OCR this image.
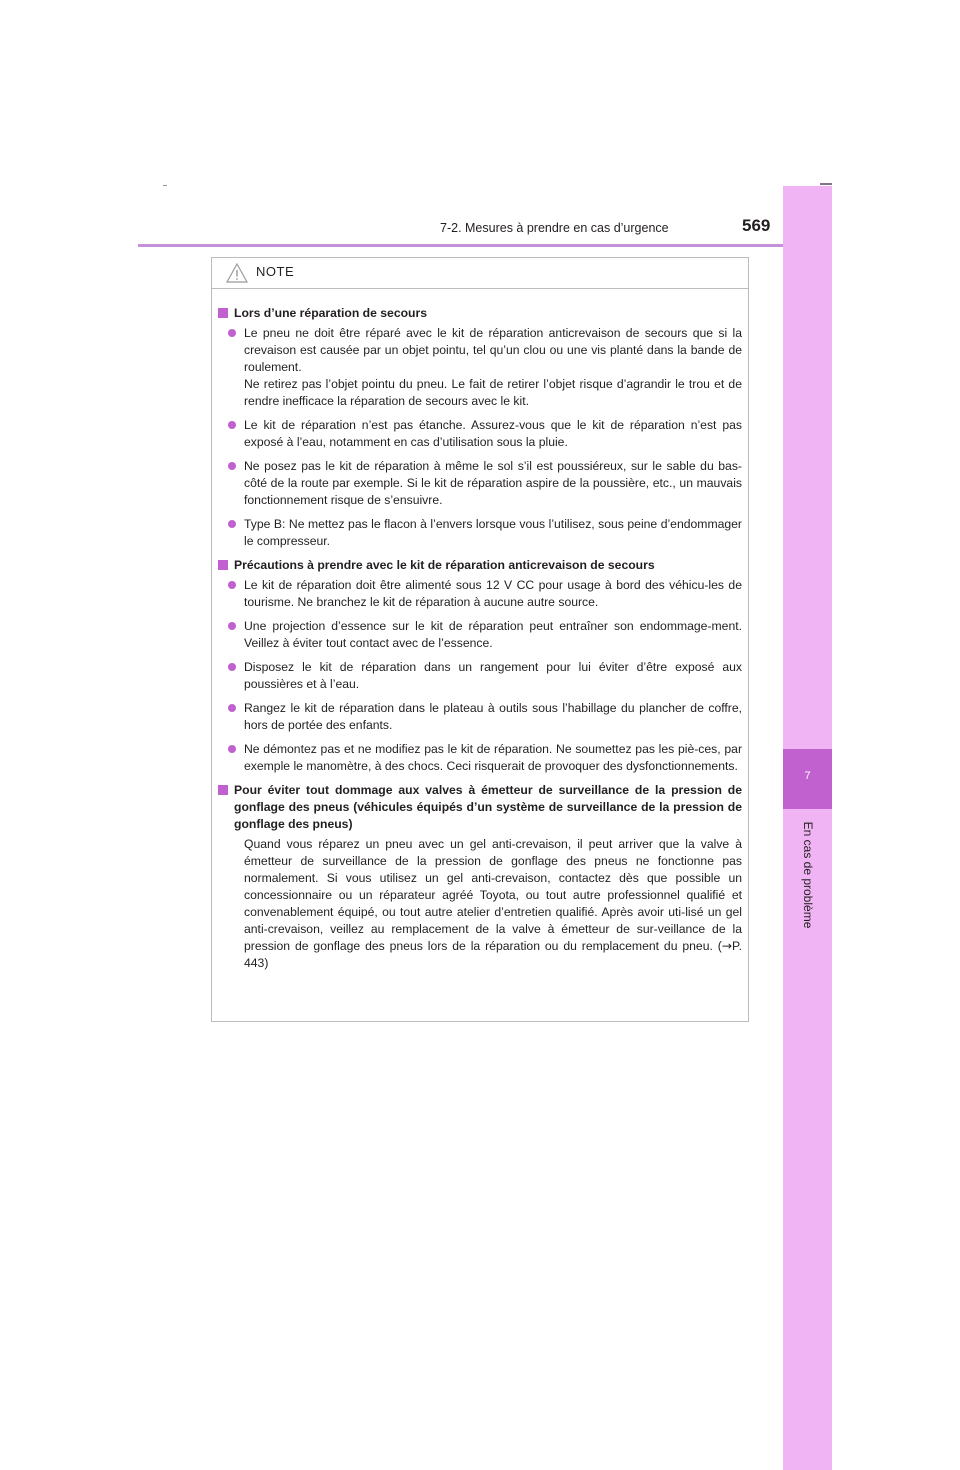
7-2. Mesures à prendre en cas d’urgence	569
7
En cas de problème
NOTE
Lors d’une réparation de secours

Le pneu ne doit être réparé avec le kit de réparation anticrevaison de secours que si la crevaison est causée par un objet pointu, tel qu’un clou ou une vis planté dans la bande de roulement.

Ne retirez pas l’objet pointu du pneu. Le fait de retirer l’objet risque d’agrandir le trou et de rendre inefficace la réparation de secours avec le kit.

Le kit de réparation n’est pas étanche. Assurez-vous que le kit de réparation n’est pas exposé à l’eau, notamment en cas d’utilisation sous la pluie.

Ne posez pas le kit de réparation à même le sol s’il est poussiéreux, sur le sable du bas-côté de la route par exemple. Si le kit de réparation aspire de la poussière, etc., un mauvais fonctionnement risque de s’ensuivre.

Type B: Ne mettez pas le flacon à l’envers lorsque vous l’utilisez, sous peine d’endommager le compresseur.

Précautions à prendre avec le kit de réparation anticrevaison de secours

Le kit de réparation doit être alimenté sous 12 V CC pour usage à bord des véhicu-les de tourisme. Ne branchez le kit de réparation à aucune autre source.

Une projection d’essence sur le kit de réparation peut entraîner son endommage-ment. Veillez à éviter tout contact avec de l’essence.

Disposez le kit de réparation dans un rangement pour lui éviter d’être exposé aux poussières et à l’eau.

Rangez le kit de réparation dans le plateau à outils sous l’habillage du plancher de coffre, hors de portée des enfants.

Ne démontez pas et ne modifiez pas le kit de réparation. Ne soumettez pas les piè-ces, par exemple le manomètre, à des chocs. Ceci risquerait de provoquer des dysfonctionnements.

Pour éviter tout dommage aux valves à émetteur de surveillance de la pression de gonflage des pneus (véhicules équipés d’un système de surveillance de la pression de gonflage des pneus)
Quand vous réparez un pneu avec un gel anti-crevaison, il peut arriver que la valve à émetteur de surveillance de la pression de gonflage des pneus ne fonctionne pas normalement. Si vous utilisez un gel anti-crevaison, contactez dès que possible un concessionnaire ou un réparateur agréé Toyota, ou tout autre professionnel qualifié et convenablement équipé, ou tout autre atelier d’entretien qualifié. Après avoir uti-lisé un gel anti-crevaison, veillez au remplacement de la valve à émetteur de sur-veillance de la pression de gonflage des pneus lors de la réparation ou du remplacement du pneu. (→P. 443)
